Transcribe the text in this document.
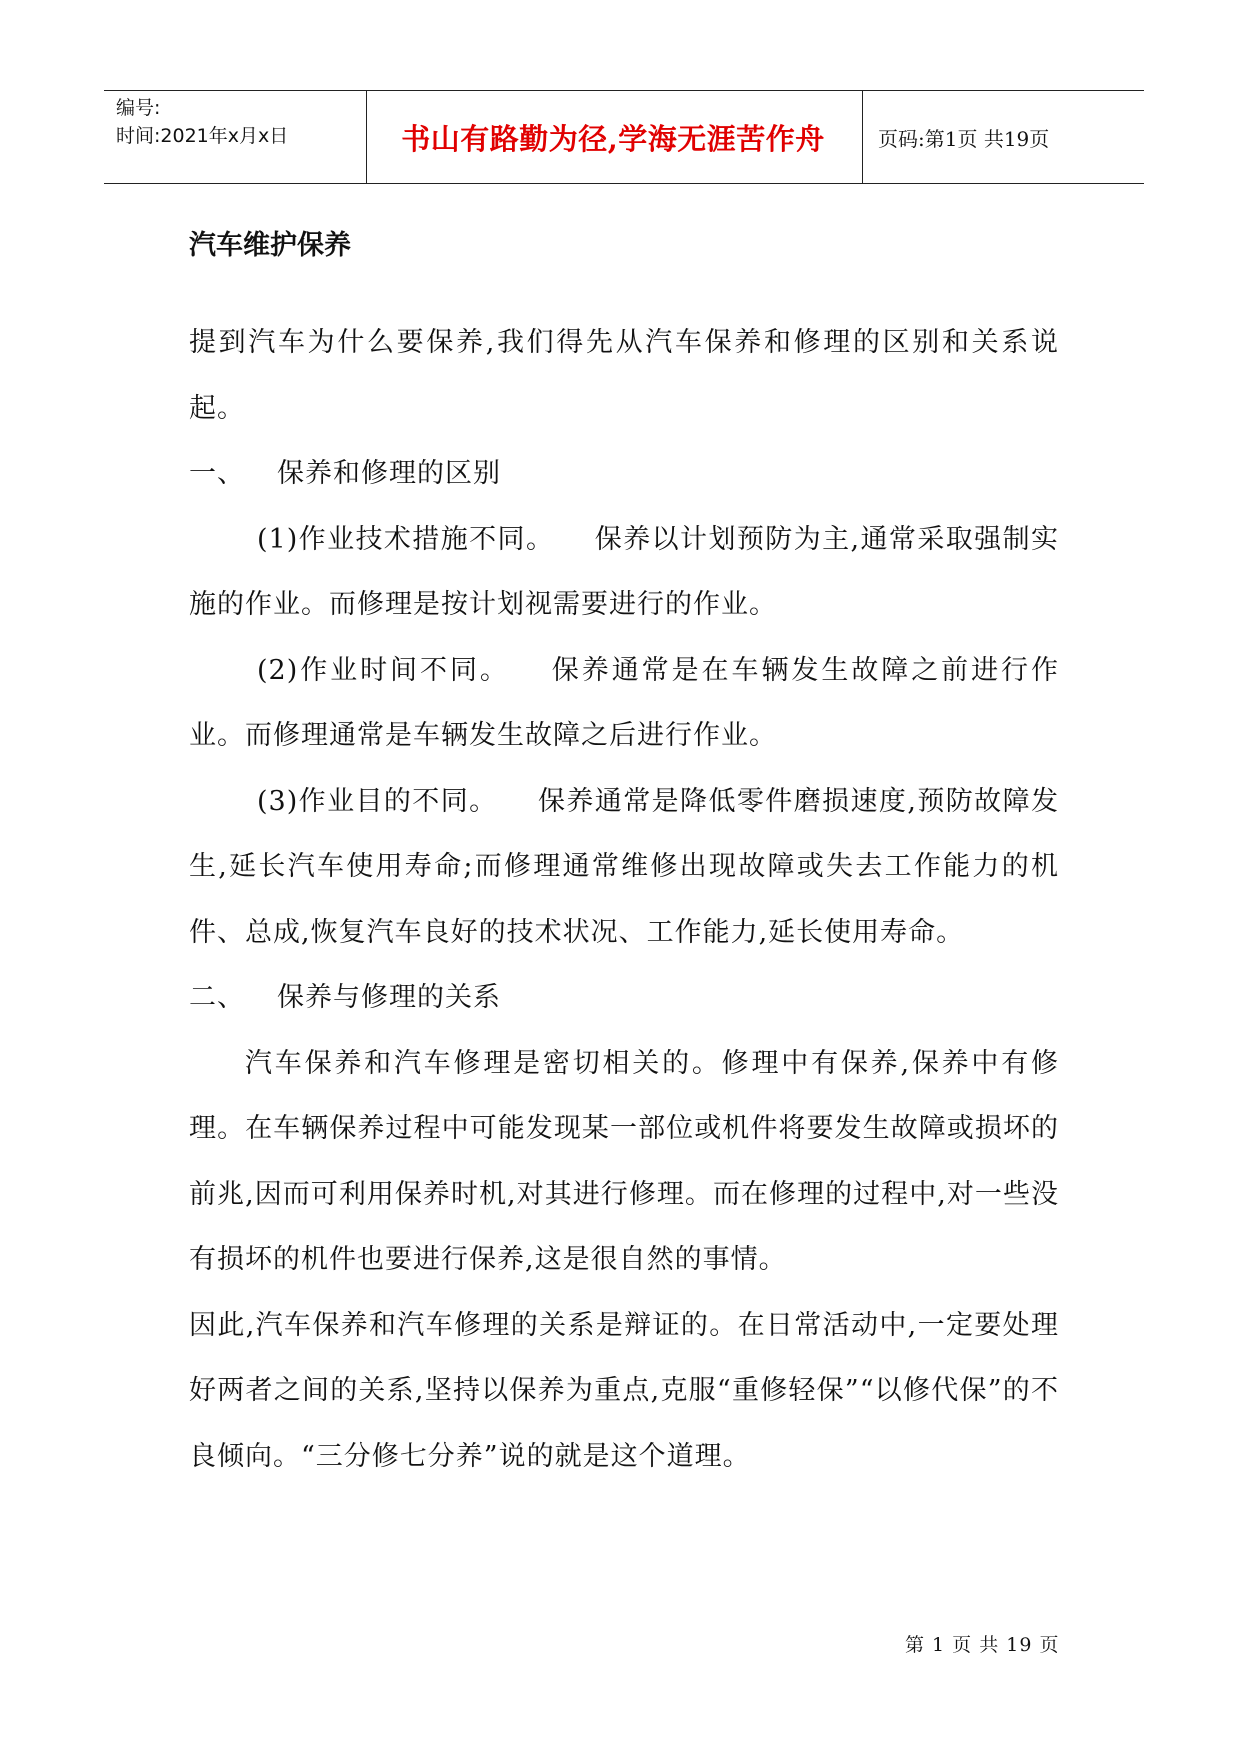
编号:
时间:2021年x月x日	书山有路勤为径,学海无涯苦作舟	页码:第1页 共19页
汽车维护保养

提到汽车为什么要保养,我们得先从汽车保养和修理的区别和关系说起。

一、 保养和修理的区别

(1)作业技术措施不同。 保养以计划预防为主,通常采取强制实施的作业。而修理是按计划视需要进行的作业。

(2)作业时间不同。 保养通常是在车辆发生故障之前进行作业。而修理通常是车辆发生故障之后进行作业。

(3)作业目的不同。 保养通常是降低零件磨损速度,预防故障发生,延长汽车使用寿命;而修理通常维修出现故障或失去工作能力的机件、总成,恢复汽车良好的技术状况、工作能力,延长使用寿命。

二、 保养与修理的关系

汽车保养和汽车修理是密切相关的。修理中有保养,保养中有修理。在车辆保养过程中可能发现某一部位或机件将要发生故障或损坏的前兆,因而可利用保养时机,对其进行修理。而在修理的过程中,对一些没有损坏的机件也要进行保养,这是很自然的事情。

因此,汽车保养和汽车修理的关系是辩证的。在日常活动中,一定要处理好两者之间的关系,坚持以保养为重点,克服“重修轻保”“以修代保”的不良倾向。“三分修七分养”说的就是这个道理。

第 1 页 共 19 页
